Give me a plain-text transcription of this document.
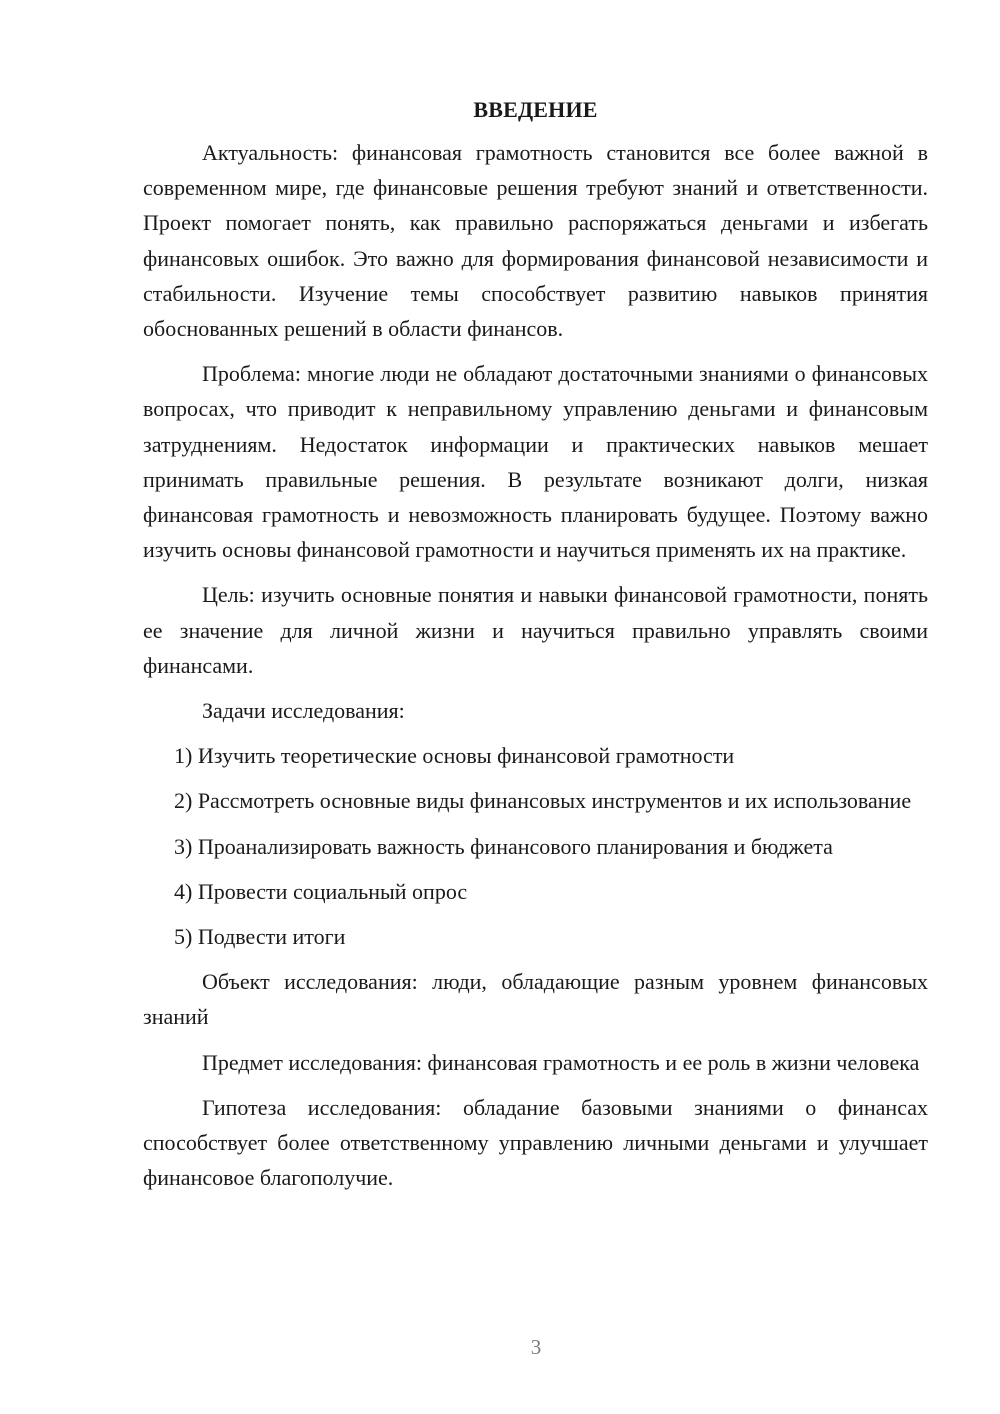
ВВЕДЕНИЕ

Актуальность: финансовая грамотность становится все более важной в современном мире, где финансовые решения требуют знаний и ответственности. Проект помогает понять, как правильно распоряжаться деньгами и избегать финансовых ошибок. Это важно для формирования финансовой независимости и стабильности. Изучение темы способствует развитию навыков принятия обоснованных решений в области финансов.

Проблема: многие люди не обладают достаточными знаниями о финансовых вопросах, что приводит к неправильному управлению деньгами и финансовым затруднениям. Недостаток информации и практических навыков мешает принимать правильные решения. В результате возникают долги, низкая финансовая грамотность и невозможность планировать будущее. Поэтому важно изучить основы финансовой грамотности и научиться применять их на практике.

Цель: изучить основные понятия и навыки финансовой грамотности, понять ее значение для личной жизни и научиться правильно управлять своими финансами.

Задачи исследования:

1) Изучить теоретические основы финансовой грамотности

2) Рассмотреть основные виды финансовых инструментов и их использование

3) Проанализировать важность финансового планирования и бюджета

4) Провести социальный опрос

5) Подвести итоги

Объект исследования: люди, обладающие разным уровнем финансовых знаний

Предмет исследования: финансовая грамотность и ее роль в жизни человека

Гипотеза исследования: обладание базовыми знаниями о финансах способствует более ответственному управлению личными деньгами и улучшает финансовое благополучие.

3
